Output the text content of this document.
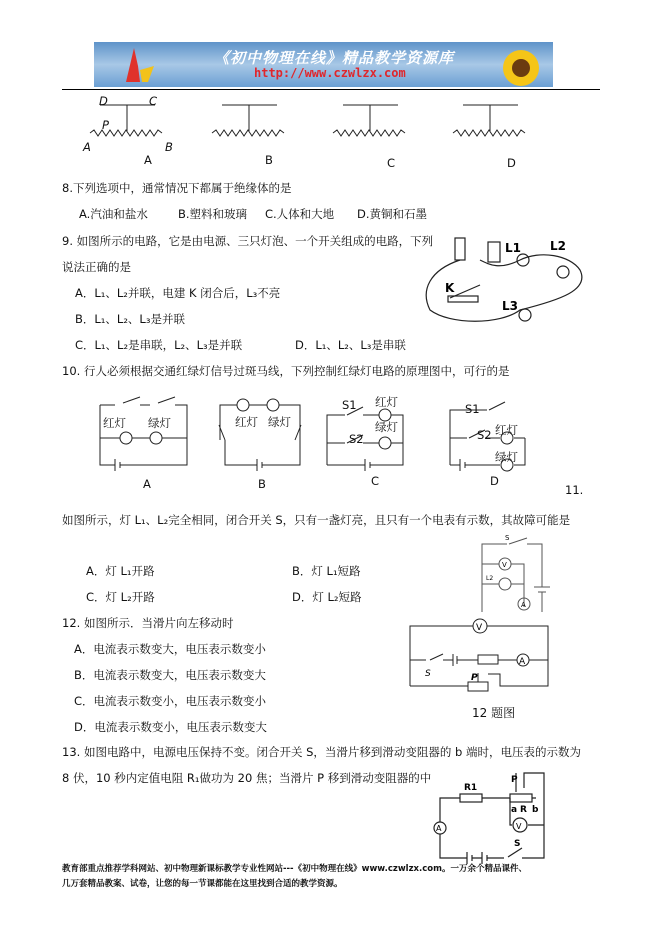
《初中物理在线》精品教学资源库
http://www.czwlzx.com
D	C
P
A	B
A	B	C	D
8.下列选项中，通常情况下都属于绝缘体的是
A.汽油和盐水	B.塑料和玻璃 C.人体和大地 D.黄铜和石墨
9. 如图所示的电路，它是由电源、三只灯泡、一个开关组成的电路，下列
说法正确的是
A．L₁、L₂并联，电建 K 闭合后，L₃不亮
B．L₁、L₂、L₃是并联
C．L₁、L₂是串联，L₂、L₃是并联	D．L₁、L₂、L₃是串联
K
L1 L2
L3
10. 行人必须根据交通红绿灯信号过斑马线，下列控制红绿灯电路的原理图中，可行的是
红灯 绿灯	红灯 绿灯
S1 红灯
S2
绿灯
S1
S2 红灯
绿灯
A	B	C	D
11.
如图所示，灯 L₁、L₂完全相同，闭合开关 S，只有一盏灯亮，且只有一个电表有示数，其故障可能是
A．灯 L₁开路	B．灯 L₁短路
C．灯 L₂开路	D．灯 L₂短路
S
V
L2
A
12. 如图所示．当滑片向左移动时
A．电流表示数变大，电压表示数变小
B．电流表示数变大，电压表示数变大
C．电流表示数变小，电压表示数变小
D．电流表示数变小，电压表示数变大
V
A
S	P
12 题图
13. 如图电路中，电源电压保持不变。闭合开关 S，当滑片移到滑动变阻器的 b 端时，电压表的示数为
8 伏，10 秒内定值电阻 R₁做功为 20 焦；当滑片 P 移到滑动变阻器的中
R1
P
a R b
V
A
S
教育部重点推荐学科网站、初中物理新课标教学专业性网站---《初中物理在线》www.czwlzx.com。一万余个精品课件、
几万套精品教案、试卷，让您的每一节课都能在这里找到合适的教学资源。
